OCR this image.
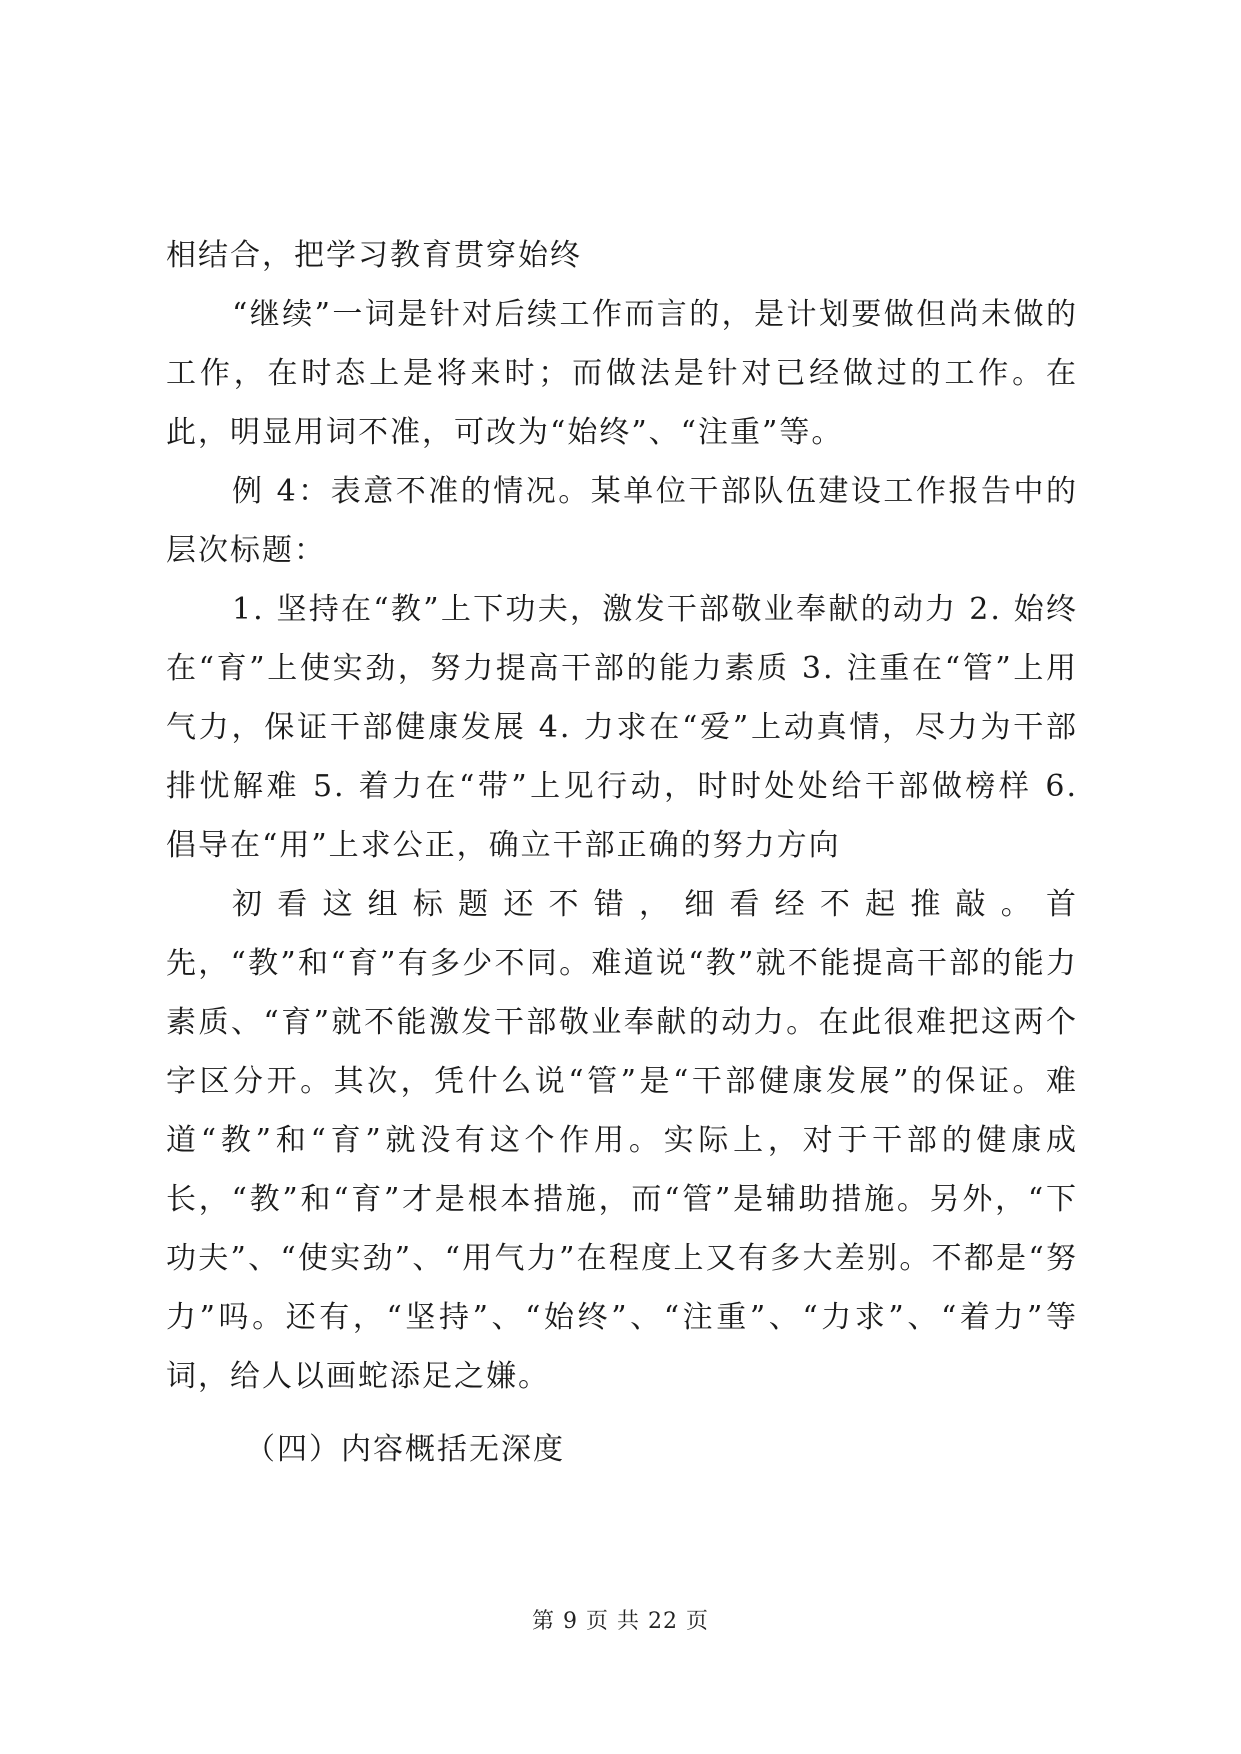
相结合，把学习教育贯穿始终

“继续”一词是针对后续工作而言的，是计划要做但尚未做的工作，在时态上是将来时；而做法是针对已经做过的工作。在此，明显用词不准，可改为“始终”、“注重”等。

例 4：表意不准的情况。某单位干部队伍建设工作报告中的层次标题：

1. 坚持在“教”上下功夫，激发干部敬业奉献的动力 2. 始终在“育”上使实劲，努力提高干部的能力素质 3. 注重在“管”上用气力，保证干部健康发展 4. 力求在“爱”上动真情，尽力为干部排忧解难 5. 着力在“带”上见行动，时时处处给干部做榜样 6. 倡导在“用”上求公正，确立干部正确的努力方向

初看这组标题还不错，细看经不起推敲。首先，“教”和“育”有多少不同。难道说“教”就不能提高干部的能力素质、“育”就不能激发干部敬业奉献的动力。在此很难把这两个字区分开。其次，凭什么说“管”是“干部健康发展”的保证。难道“教”和“育”就没有这个作用。实际上，对于干部的健康成长，“教”和“育”才是根本措施，而“管”是辅助措施。另外，“下功夫”、“使实劲”、“用气力”在程度上又有多大差别。不都是“努力”吗。还有，“坚持”、“始终”、“注重”、“力求”、“着力”等词，给人以画蛇添足之嫌。

（四）内容概括无深度

第 9 页 共 22 页
